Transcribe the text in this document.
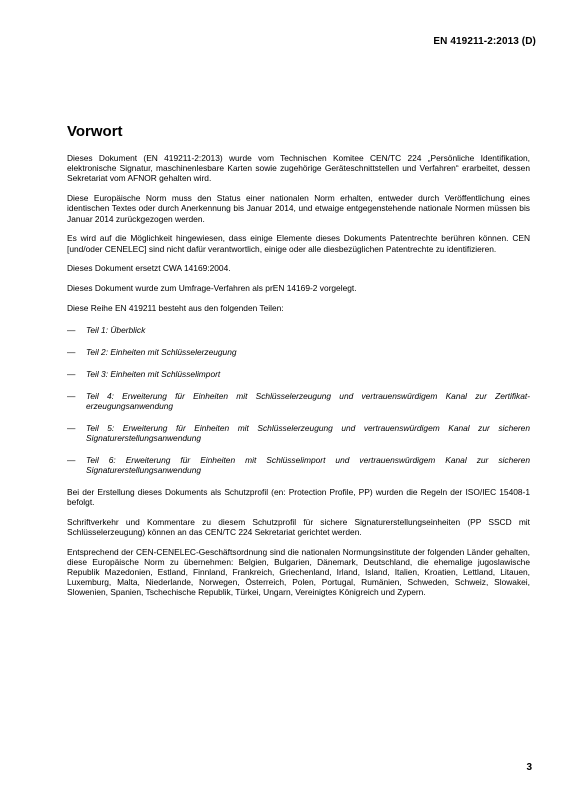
EN 419211-2:2013 (D)
Vorwort

Dieses Dokument (EN 419211-2:2013) wurde vom Technischen Komitee CEN/TC 224 „Persönliche Identifikation, elektronische Signatur, maschinenlesbare Karten sowie zugehörige Geräteschnittstellen und Verfahren“ erarbeitet, dessen Sekretariat vom AFNOR gehalten wird.

Diese Europäische Norm muss den Status einer nationalen Norm erhalten, entweder durch Veröffentlichung eines identischen Textes oder durch Anerkennung bis Januar 2014, und etwaige entgegenstehende nationale Normen müssen bis Januar 2014 zurückgezogen werden.

Es wird auf die Möglichkeit hingewiesen, dass einige Elemente dieses Dokuments Patentrechte berühren können. CEN [und/oder CENELEC] sind nicht dafür verantwortlich, einige oder alle diesbezüglichen Patentrechte zu identifizieren.

Dieses Dokument ersetzt CWA 14169:2004.

Dieses Dokument wurde zum Umfrage-Verfahren als prEN 14169-2 vorgelegt.

Diese Reihe EN 419211 besteht aus den folgenden Teilen:

—	Teil 1: Überblick
—	Teil 2: Einheiten mit Schlüsselerzeugung
—	Teil 3: Einheiten mit Schlüsselimport
—	Teil 4: Erweiterung für Einheiten mit Schlüsselerzeugung und vertrauenswürdigem Kanal zur Zertifikat-erzeugungsanwendung
—	Teil 5: Erweiterung für Einheiten mit Schlüsselerzeugung und vertrauenswürdigem Kanal zur sicheren Signaturerstellungsanwendung
—	Teil 6: Erweiterung für Einheiten mit Schlüsselimport und vertrauenswürdigem Kanal zur sicheren Signaturerstellungsanwendung

Bei der Erstellung dieses Dokuments als Schutzprofil (en: Protection Profile, PP) wurden die Regeln der ISO/IEC 15408-1 befolgt.

Schriftverkehr und Kommentare zu diesem Schutzprofil für sichere Signaturerstellungseinheiten (PP SSCD mit Schlüsselerzeugung) können an das CEN/TC 224 Sekretariat gerichtet werden.

Entsprechend der CEN-CENELEC-Geschäftsordnung sind die nationalen Normungsinstitute der folgenden Länder gehalten, diese Europäische Norm zu übernehmen: Belgien, Bulgarien, Dänemark, Deutschland, die ehemalige jugoslawische Republik Mazedonien, Estland, Finnland, Frankreich, Griechenland, Irland, Island, Italien, Kroatien, Lettland, Litauen, Luxemburg, Malta, Niederlande, Norwegen, Österreich, Polen, Portugal, Rumänien, Schweden, Schweiz, Slowakei, Slowenien, Spanien, Tschechische Republik, Türkei, Ungarn, Vereinigtes Königreich und Zypern.

3
